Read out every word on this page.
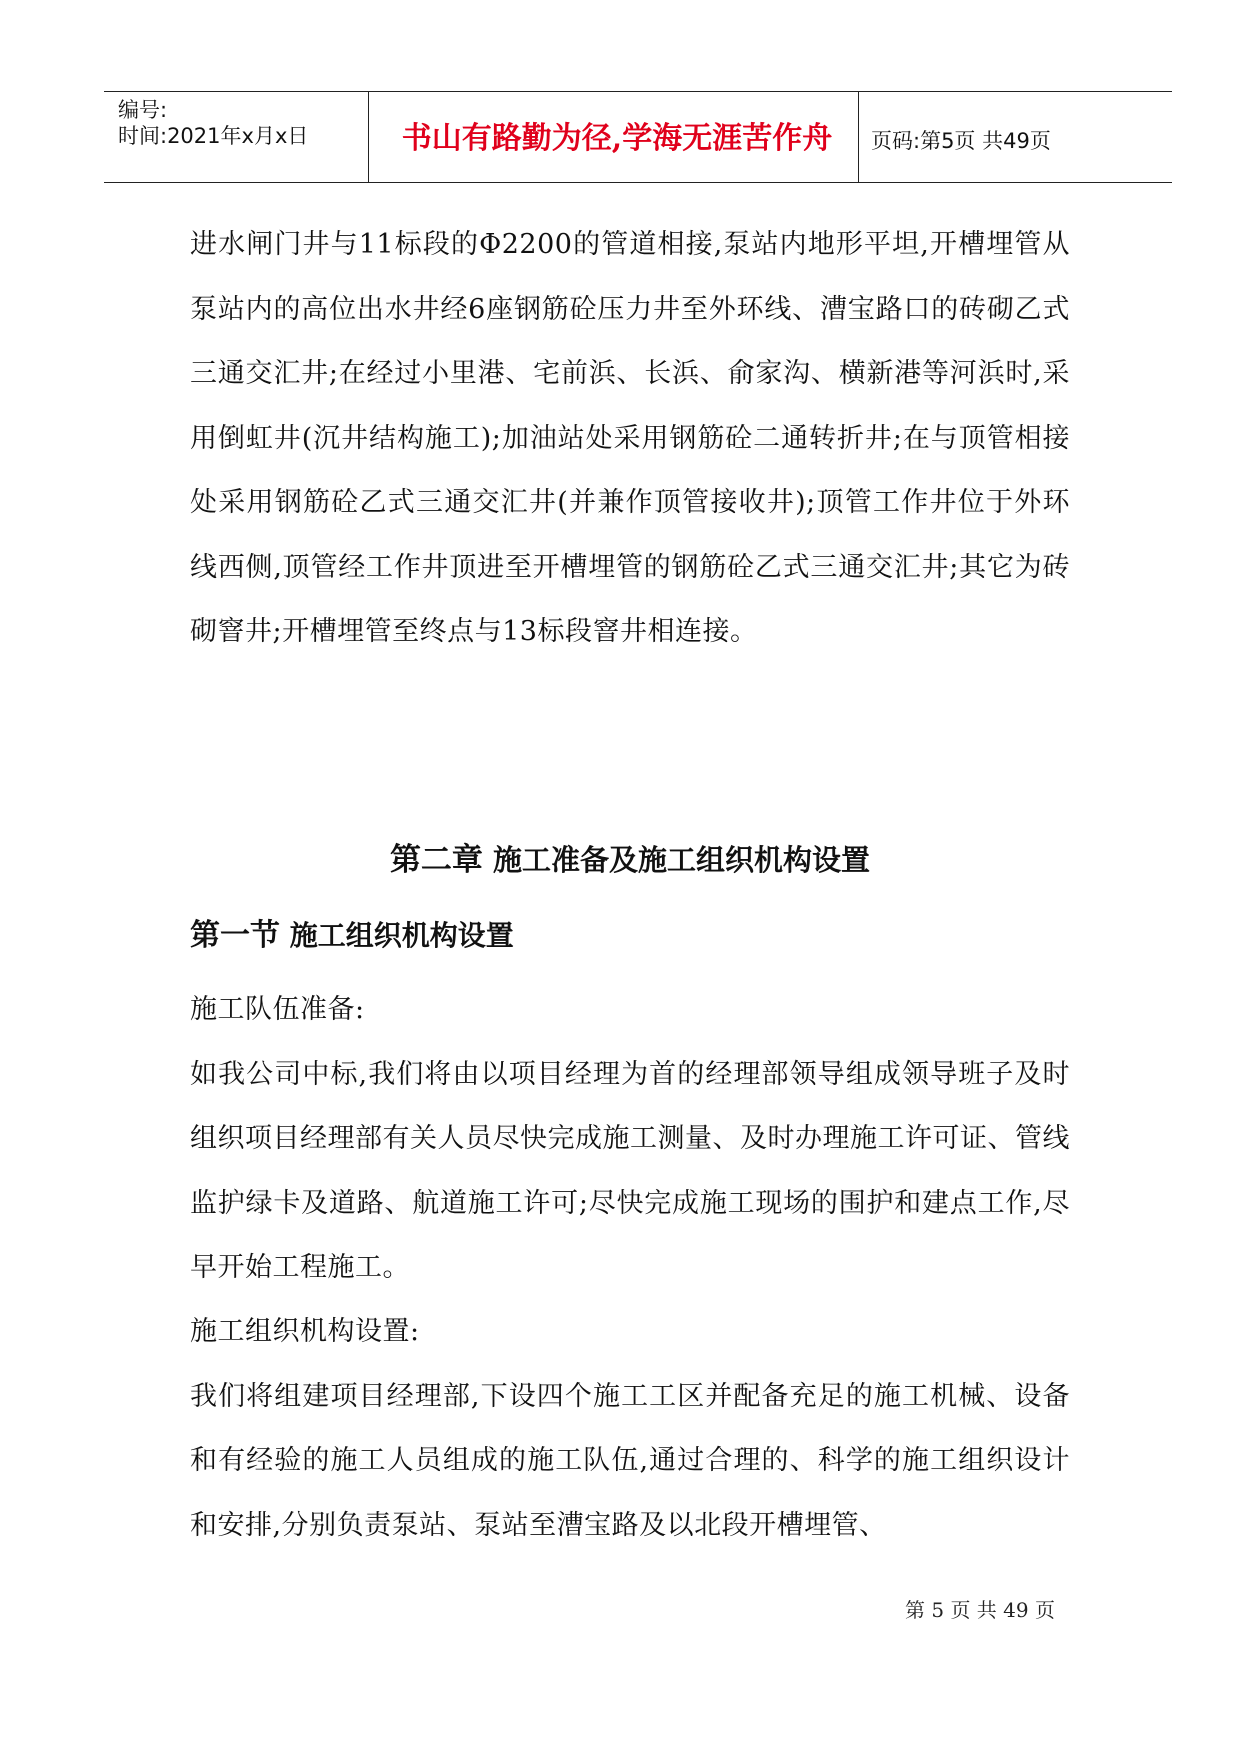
编号:
时间:2021年x月x日	书山有路勤为径,学海无涯苦作舟	页码:第5页 共49页

进水闸门井与11标段的Φ2200的管道相接,泵站内地形平坦,开槽埋管从泵站内的高位出水井经6座钢筋砼压力井至外环线、漕宝路口的砖砌乙式三通交汇井;在经过小里港、宅前浜、长浜、俞家沟、横新港等河浜时,采用倒虹井(沉井结构施工);加油站处采用钢筋砼二通转折井;在与顶管相接处采用钢筋砼乙式三通交汇井(并兼作顶管接收井);顶管工作井位于外环线西侧,顶管经工作井顶进至开槽埋管的钢筋砼乙式三通交汇井;其它为砖砌窨井;开槽埋管至终点与13标段窨井相连接。

第二章 施工准备及施工组织机构设置
第一节 施工组织机构设置

施工队伍准备:

如我公司中标,我们将由以项目经理为首的经理部领导组成领导班子及时组织项目经理部有关人员尽快完成施工测量、及时办理施工许可证、管线监护绿卡及道路、航道施工许可;尽快完成施工现场的围护和建点工作,尽早开始工程施工。

施工组织机构设置:

我们将组建项目经理部,下设四个施工工区并配备充足的施工机械、设备和有经验的施工人员组成的施工队伍,通过合理的、科学的施工组织设计和安排,分别负责泵站、泵站至漕宝路及以北段开槽埋管、

第 5 页 共 49 页
